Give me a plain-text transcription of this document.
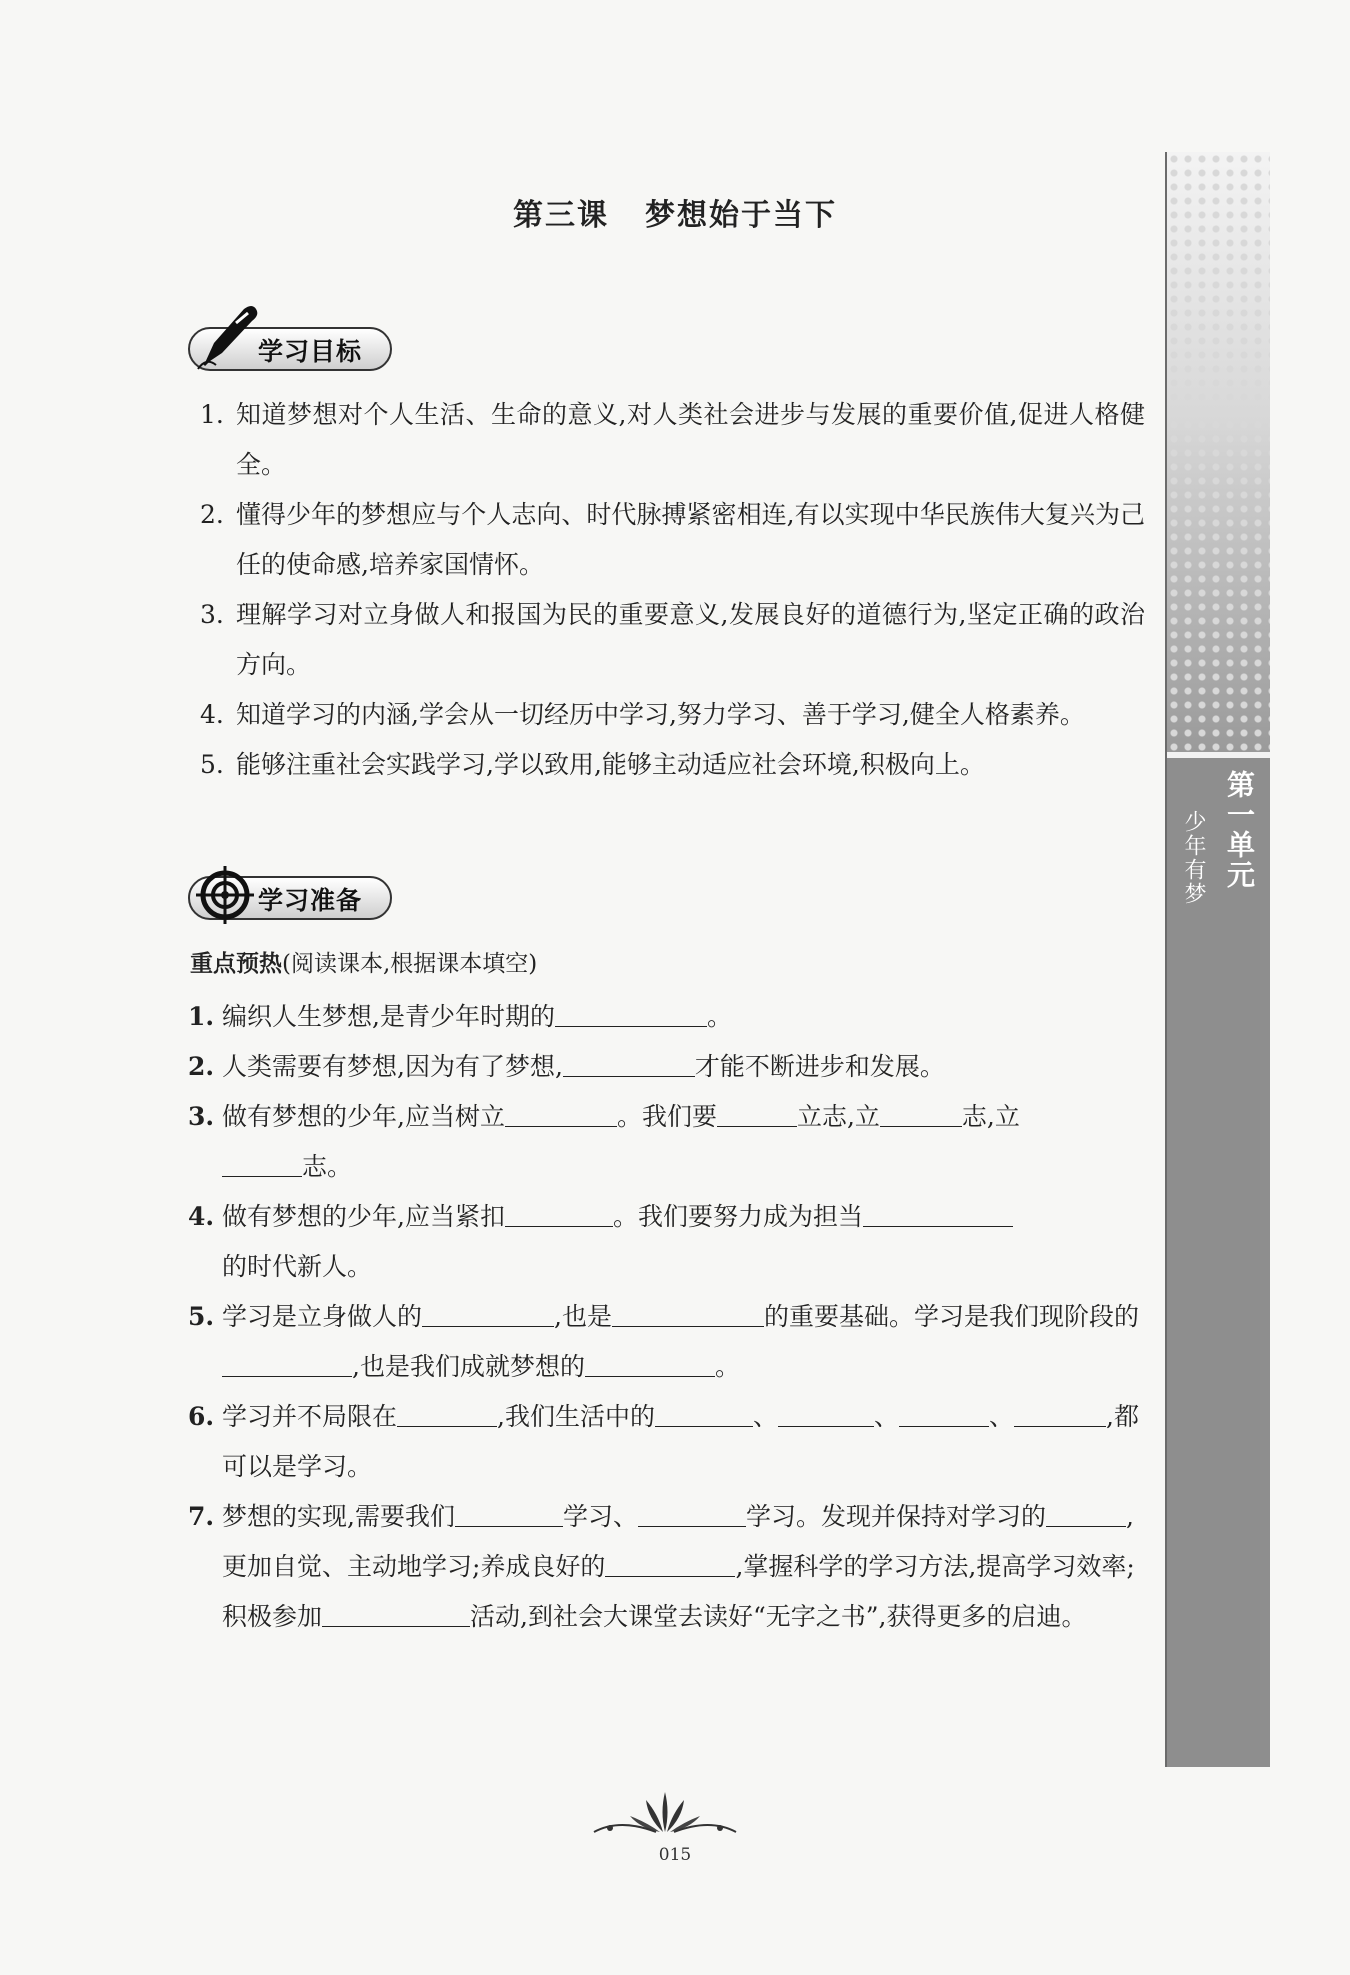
第一单元
少年有梦
第三课 梦想始于当下
学习目标
1. 知道梦想对个人生活、生命的意义,对人类社会进步与发展的重要价值,促进人格健全。
2. 懂得少年的梦想应与个人志向、时代脉搏紧密相连,有以实现中华民族伟大复兴为己任的使命感,培养家国情怀。
3. 理解学习对立身做人和报国为民的重要意义,发展良好的道德行为,坚定正确的政治方向。
4. 知道学习的内涵,学会从一切经历中学习,努力学习、善于学习,健全人格素养。
5. 能够注重社会实践学习,学以致用,能够主动适应社会环境,积极向上。
学习准备
重点预热(阅读课本,根据课本填空)
1. 编织人生梦想,是青少年时期的	。
2. 人类需要有梦想,因为有了梦想,	才能不断进步和发展。
3. 做有梦想的少年,应当树立	。我们要	立志,立	志,立
志。
4. 做有梦想的少年,应当紧扣	。我们要努力成为担当
的时代新人。
5. 学习是立身做人的	,也是	的重要基础。学习是我们现阶段的,也是我们成就梦想的	。
6. 学习并不局限在	,我们生活中的	、	、	、	,都可以是学习。
7. 梦想的实现,需要我们	学习、	学习。发现并保持对学习的	,更加自觉、主动地学习;养成良好的	,掌握科学的学习方法,提高学习效率;积极参加	活动,到社会大课堂去读好“无字之书”,获得更多的启迪。
015
